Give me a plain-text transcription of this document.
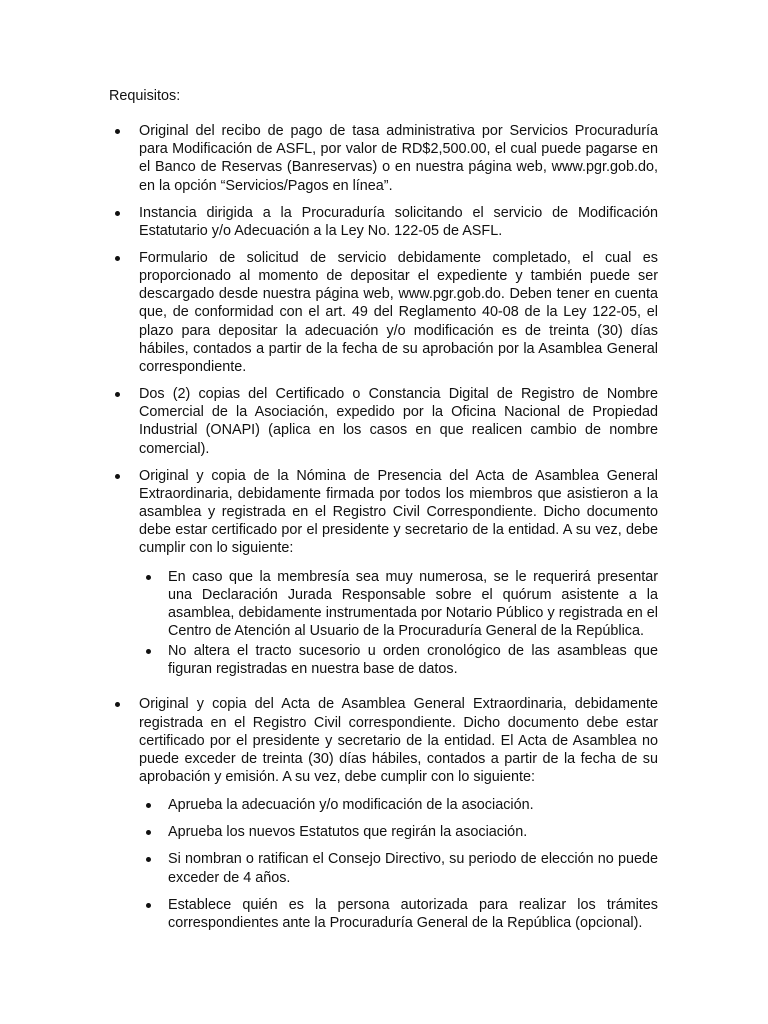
Requisitos:

Original del recibo de pago de tasa administrativa por Servicios Procuraduría para Modificación de ASFL, por valor de RD$2,500.00, el cual puede pagarse en el Banco de Reservas (Banreservas) o en nuestra página web, www.pgr.gob.do, en la opción “Servicios/Pagos en línea”.
Instancia dirigida a la Procuraduría solicitando el servicio de Modificación Estatutario y/o Adecuación a la Ley No. 122-05 de ASFL.
Formulario de solicitud de servicio debidamente completado, el cual es proporcionado al momento de depositar el expediente y también puede ser descargado desde nuestra página web, www.pgr.gob.do. Deben tener en cuenta que, de conformidad con el art. 49 del Reglamento 40-08 de la Ley 122-05, el plazo para depositar la adecuación y/o modificación es de treinta (30) días hábiles, contados a partir de la fecha de su aprobación por la Asamblea General correspondiente.
Dos (2) copias del Certificado o Constancia Digital de Registro de Nombre Comercial de la Asociación, expedido por la Oficina Nacional de Propiedad Industrial (ONAPI) (aplica en los casos en que realicen cambio de nombre comercial).
Original y copia de la Nómina de Presencia del Acta de Asamblea General Extraordinaria, debidamente firmada por todos los miembros que asistieron a la asamblea y registrada en el Registro Civil Correspondiente. Dicho documento debe estar certificado por el presidente y secretario de la entidad. A su vez, debe cumplir con lo siguiente:
En caso que la membresía sea muy numerosa, se le requerirá presentar una Declaración Jurada Responsable sobre el quórum asistente a la asamblea, debidamente instrumentada por Notario Público y registrada en el Centro de Atención al Usuario de la Procuraduría General de la República.
No altera el tracto sucesorio u orden cronológico de las asambleas que figuran registradas en nuestra base de datos.
Original y copia del Acta de Asamblea General Extraordinaria, debidamente registrada en el Registro Civil correspondiente. Dicho documento debe estar certificado por el presidente y secretario de la entidad. El Acta de Asamblea no puede exceder de treinta (30) días hábiles, contados a partir de la fecha de su aprobación y emisión. A su vez, debe cumplir con lo siguiente:
Aprueba la adecuación y/o modificación de la asociación.
Aprueba los nuevos Estatutos que regirán la asociación.
Si nombran o ratifican el Consejo Directivo, su periodo de elección no puede exceder de 4 años.
Establece quién es la persona autorizada para realizar los trámites correspondientes ante la Procuraduría General de la República (opcional).
